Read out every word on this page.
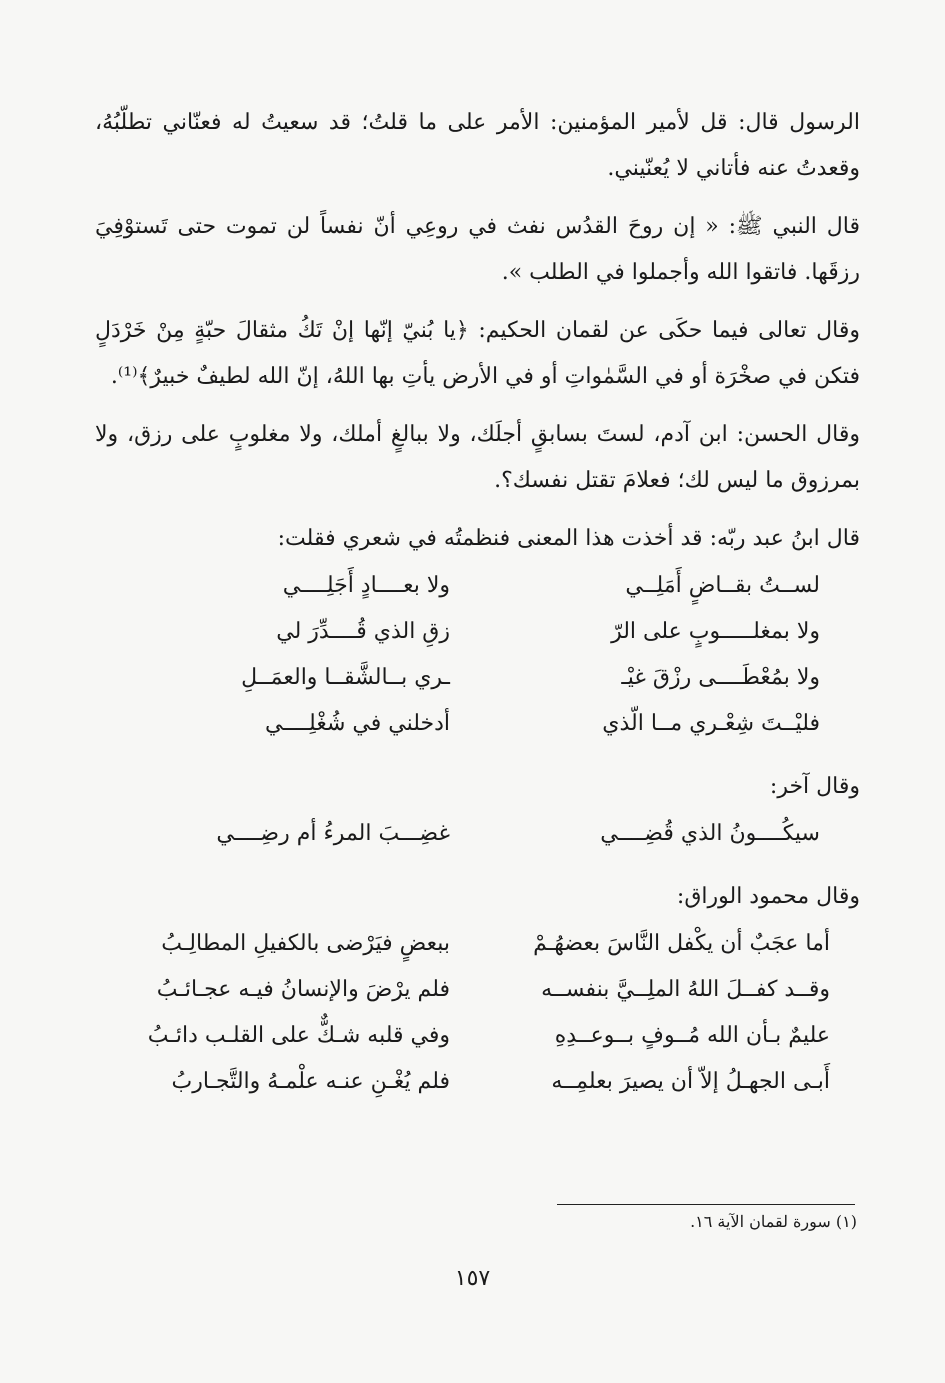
الرسول قال: قل لأمير المؤمنين: الأمر على ما قلتُ؛ قد سعيتُ له فعنّاني تطلّبُهُ، وقعدتُ عنه فأتاني لا يُعنّيني.

قال النبي ﷺ: « إن روحَ القدُس نفث في روعِي أنّ نفساً لن تموت حتى تَستوْفِيَ رزقَها. فاتقوا الله وأجملوا في الطلب ».

وقال تعالى فيما حكَى عن لقمان الحكيم: ﴿يا بُنيّ إنّها إنْ تَكُ مثقالَ حبّةٍ مِنْ خَرْدَلٍ فتكن في صخْرَة أو في السَّمٰواتِ أو في الأرض يأتِ بها اللهُ، إنّ الله لطيفٌ خبيرٌ﴾⁽¹⁾.

وقال الحسن: ابن آدم، لستَ بسابقٍ أجلَك، ولا ببالغٍ أملك، ولا مغلوبٍ على رزق، ولا بمرزوق ما ليس لك؛ فعلامَ تقتل نفسك؟.

قال ابنُ عبد ربّه: قد أخذت هذا المعنى فنظمتُه في شعري فقلت:

لســتُ بقــاضٍ أَمَلِــي
ولا بعــــادٍ أَجَلِــــي
ولا بمغلـــــوبٍ على الرّ
زقِ الذي قُــــدِّرَ لي
ولا بمُعْطَــــى رزْقَ غيْـ
ـري بــالشَّقــا والعمَــلِ
فليْــتَ شِعْـري مــا الّذي
أدخلني في شُغْلِــــي

وقال آخر:

سيكُــــونُ الذي قُضِــــي
غضِـــبَ المرءُ أم رضِــــي

وقال محمود الوراق:

أما عجَبٌ أن يكْفل النَّاسَ بعضهُـمْ
ببعضٍ فيَرْضى بالكفيلِ المطالِـبُ
وقــد كفــلَ اللهُ الملِــيَّ بنفســه
فلم يرْضَ والإنسانُ فيـه عجـائـبُ
عليمٌ بـأن الله مُــوفٍ بــوعــدِهِ
وفي قلبه شـكٌّ على القلـب دائـبُ
أَبـى الجهـلُ إلاّ أن يصيرَ بعلمِــه
فلم يُغْـنِ عنـه علْمـهُ والتَّجـاربُ
(١) سورة لقمان الآية ١٦.
١٥٧
